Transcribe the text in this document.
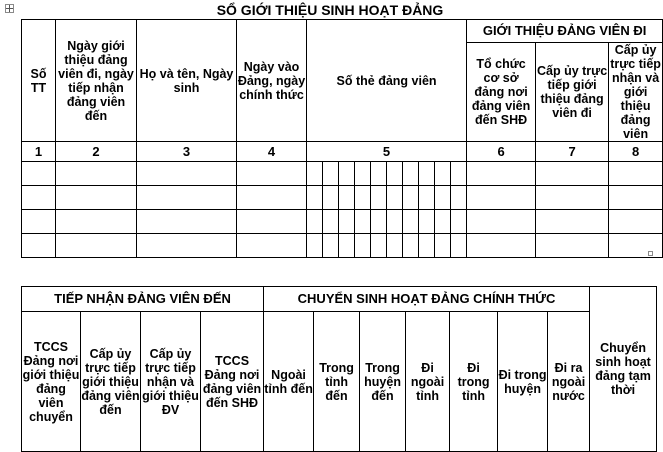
SỔ GIỚI THIỆU SINH HOẠT ĐẢNG
Số TT	Ngày giới thiệu đảng viên đi, ngày tiếp nhận đảng viên đến	Họ và tên, Ngày sinh	Ngày vào Đảng, ngày chính thức	Số thẻ đảng viên										GIỚI THIỆU ĐẢNG VIÊN ĐI		
														Tổ chức cơ sở đảng nơi đảng viên đến SHĐ	Cấp ủy trực tiếp giới thiệu đảng viên đi	Cấp ủy trực tiếp nhận và giới thiệu đảng viên
1	2	3	4	5										6	7	8

TIẾP NHẬN ĐẢNG VIÊN ĐẾN				CHUYỂN SINH HOẠT ĐẢNG CHÍNH THỨC							Chuyển sinh hoạt đảng tạm thời
TCCS Đảng nơi giới thiệu đảng viên chuyển	Cấp ủy trực tiếp giới thiệu đảng viên đến	Cấp ủy trực tiếp nhận và giới thiệu ĐV	TCCS Đảng nơi đảng viên đến SHĐ	Ngoài tỉnh đến	Trong tỉnh đến	Trong huyện đến	Đi ngoài tỉnh	Đi trong tỉnh	Đi trong huyện	Đi ra ngoài nước	
